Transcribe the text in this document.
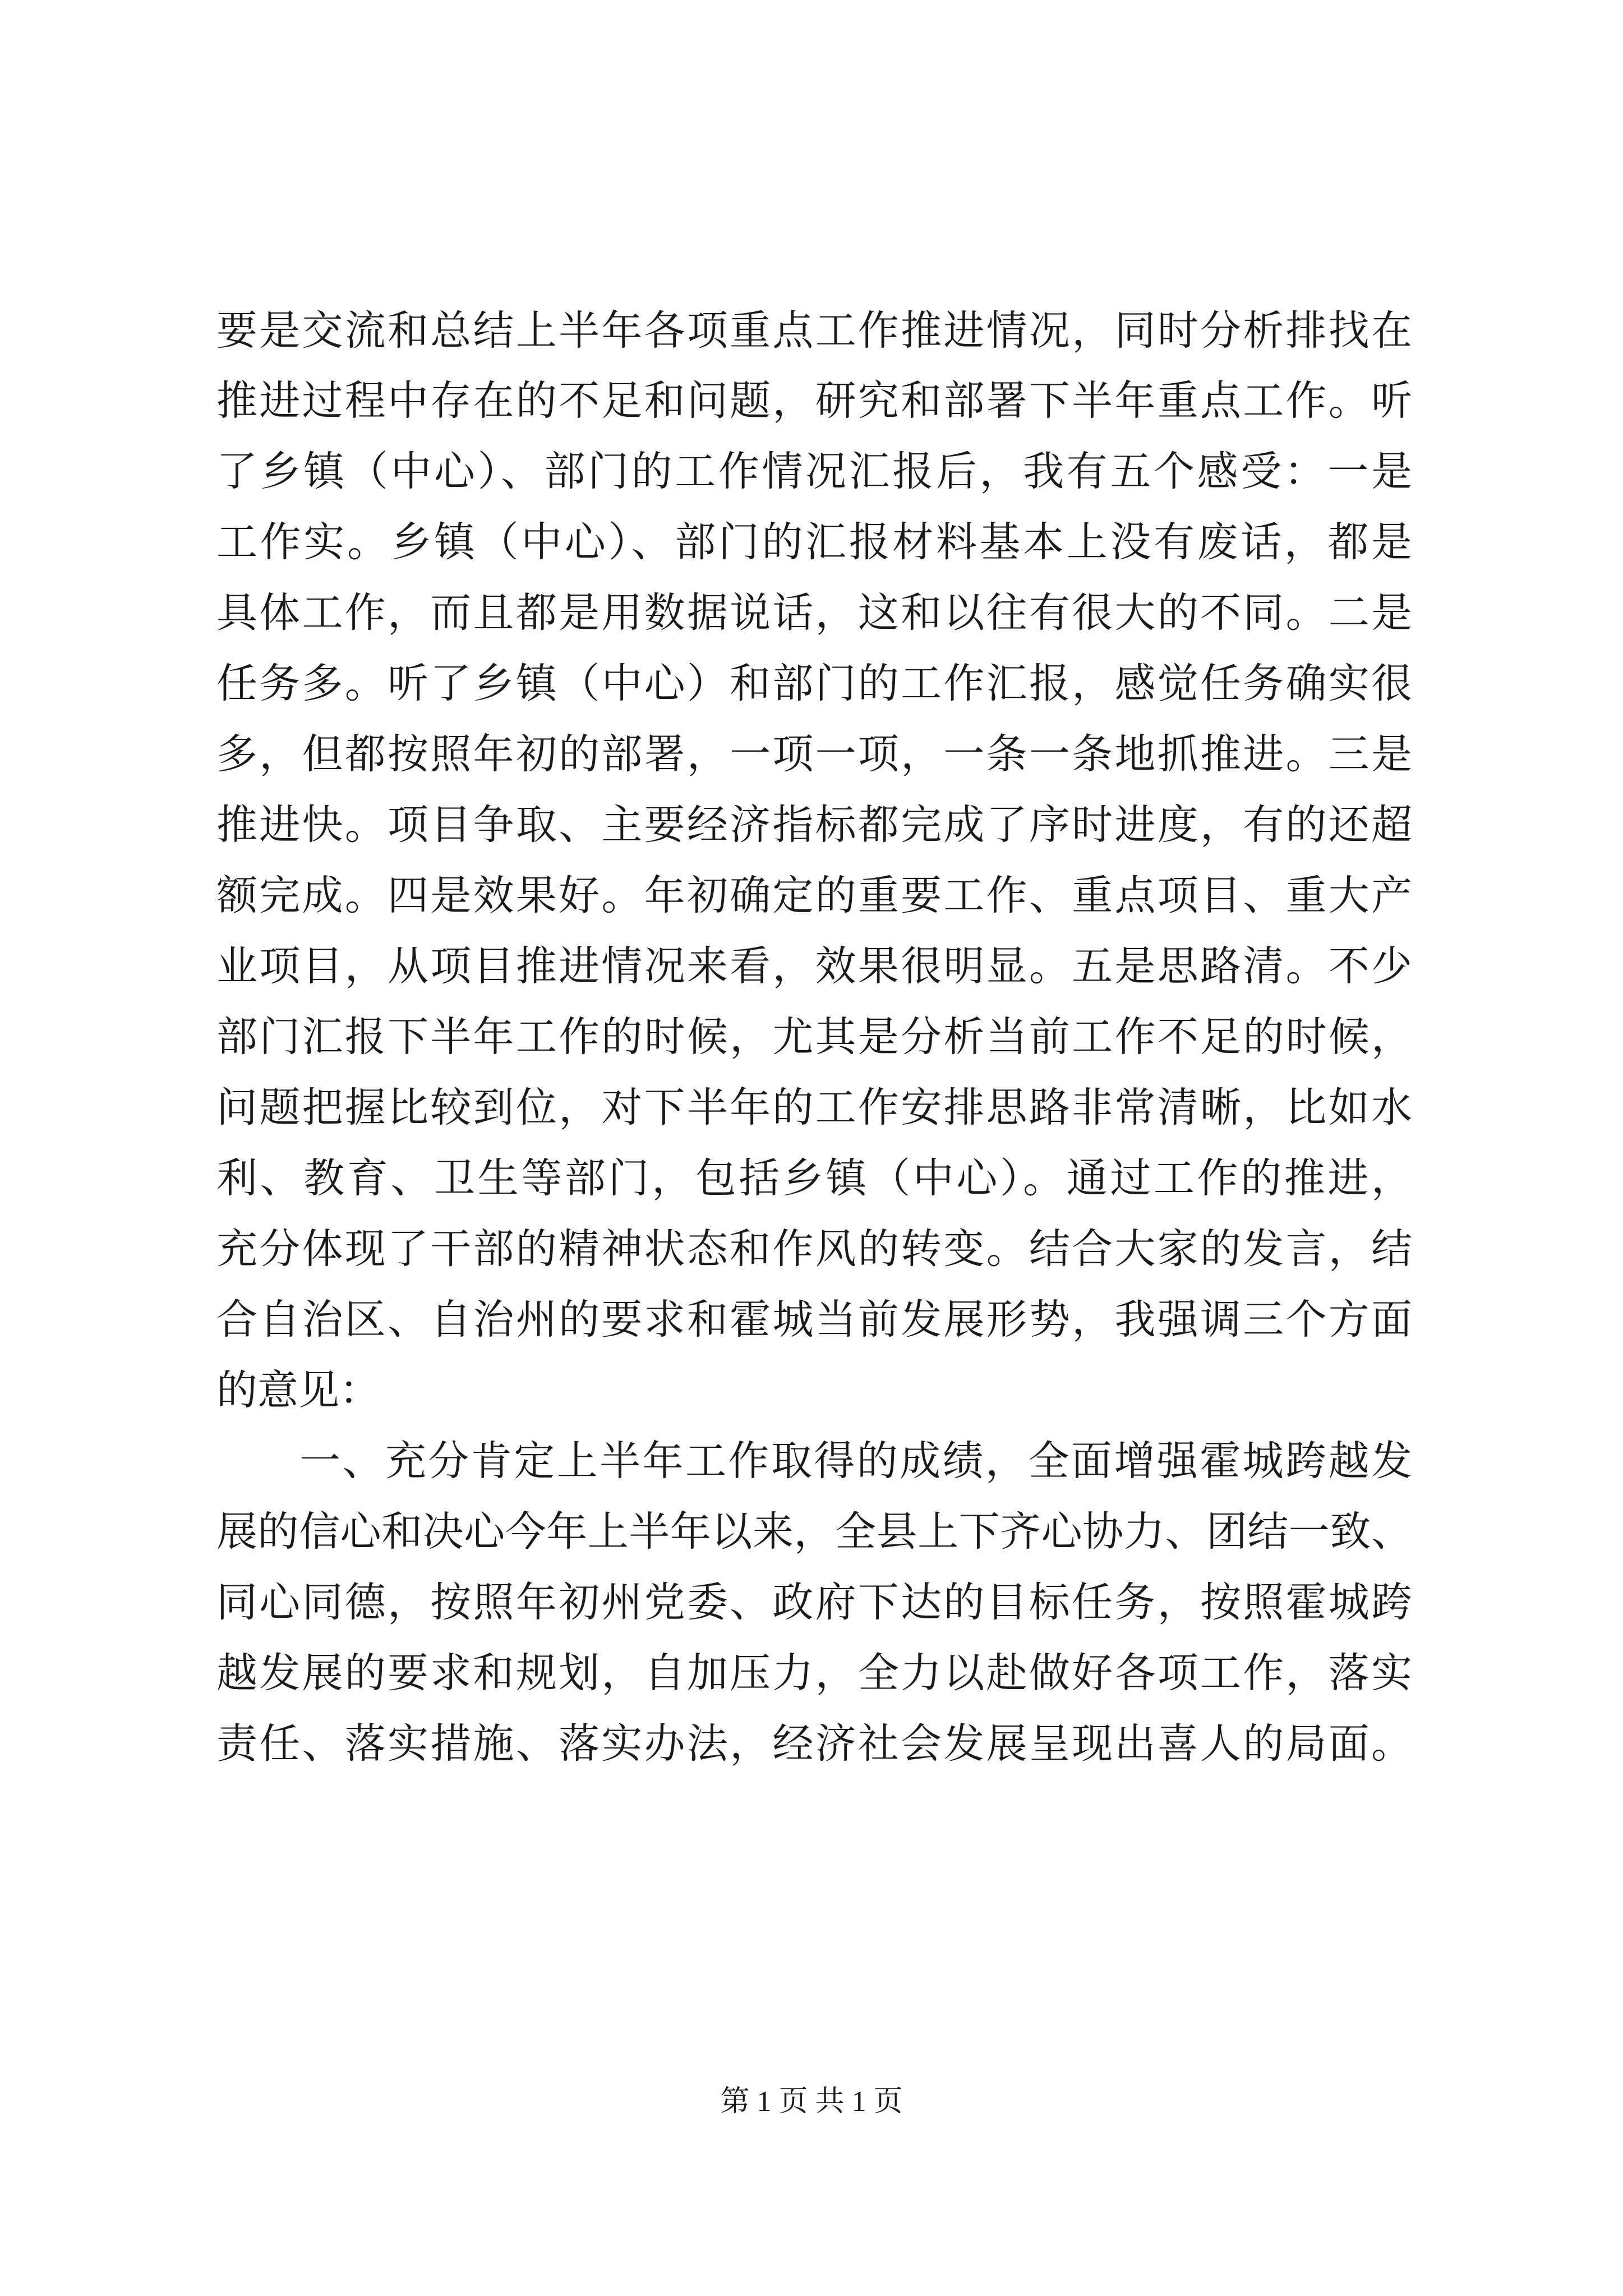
要是交流和总结上半年各项重点工作推进情况，同时分析排找在
推进过程中存在的不足和问题，研究和部署下半年重点工作。听
了乡镇（中心）、部门的工作情况汇报后，我有五个感受：一是
工作实。乡镇（中心）、部门的汇报材料基本上没有废话，都是
具体工作，而且都是用数据说话，这和以往有很大的不同。二是
任务多。听了乡镇（中心）和部门的工作汇报，感觉任务确实很
多，但都按照年初的部署，一项一项，一条一条地抓推进。三是
推进快。项目争取、主要经济指标都完成了序时进度，有的还超
额完成。四是效果好。年初确定的重要工作、重点项目、重大产
业项目，从项目推进情况来看，效果很明显。五是思路清。不少
部门汇报下半年工作的时候，尤其是分析当前工作不足的时候，
问题把握比较到位，对下半年的工作安排思路非常清晰，比如水
利、教育、卫生等部门，包括乡镇（中心）。通过工作的推进，
充分体现了干部的精神状态和作风的转变。结合大家的发言，结
合自治区、自治州的要求和霍城当前发展形势，我强调三个方面
的意见：
一、充分肯定上半年工作取得的成绩，全面增强霍城跨越发
展的信心和决心今年上半年以来，全县上下齐心协力、团结一致、
同心同德，按照年初州党委、政府下达的目标任务，按照霍城跨
越发展的要求和规划，自加压力，全力以赴做好各项工作，落实
责任、落实措施、落实办法，经济社会发展呈现出喜人的局面。
第 1 页 共 1 页
